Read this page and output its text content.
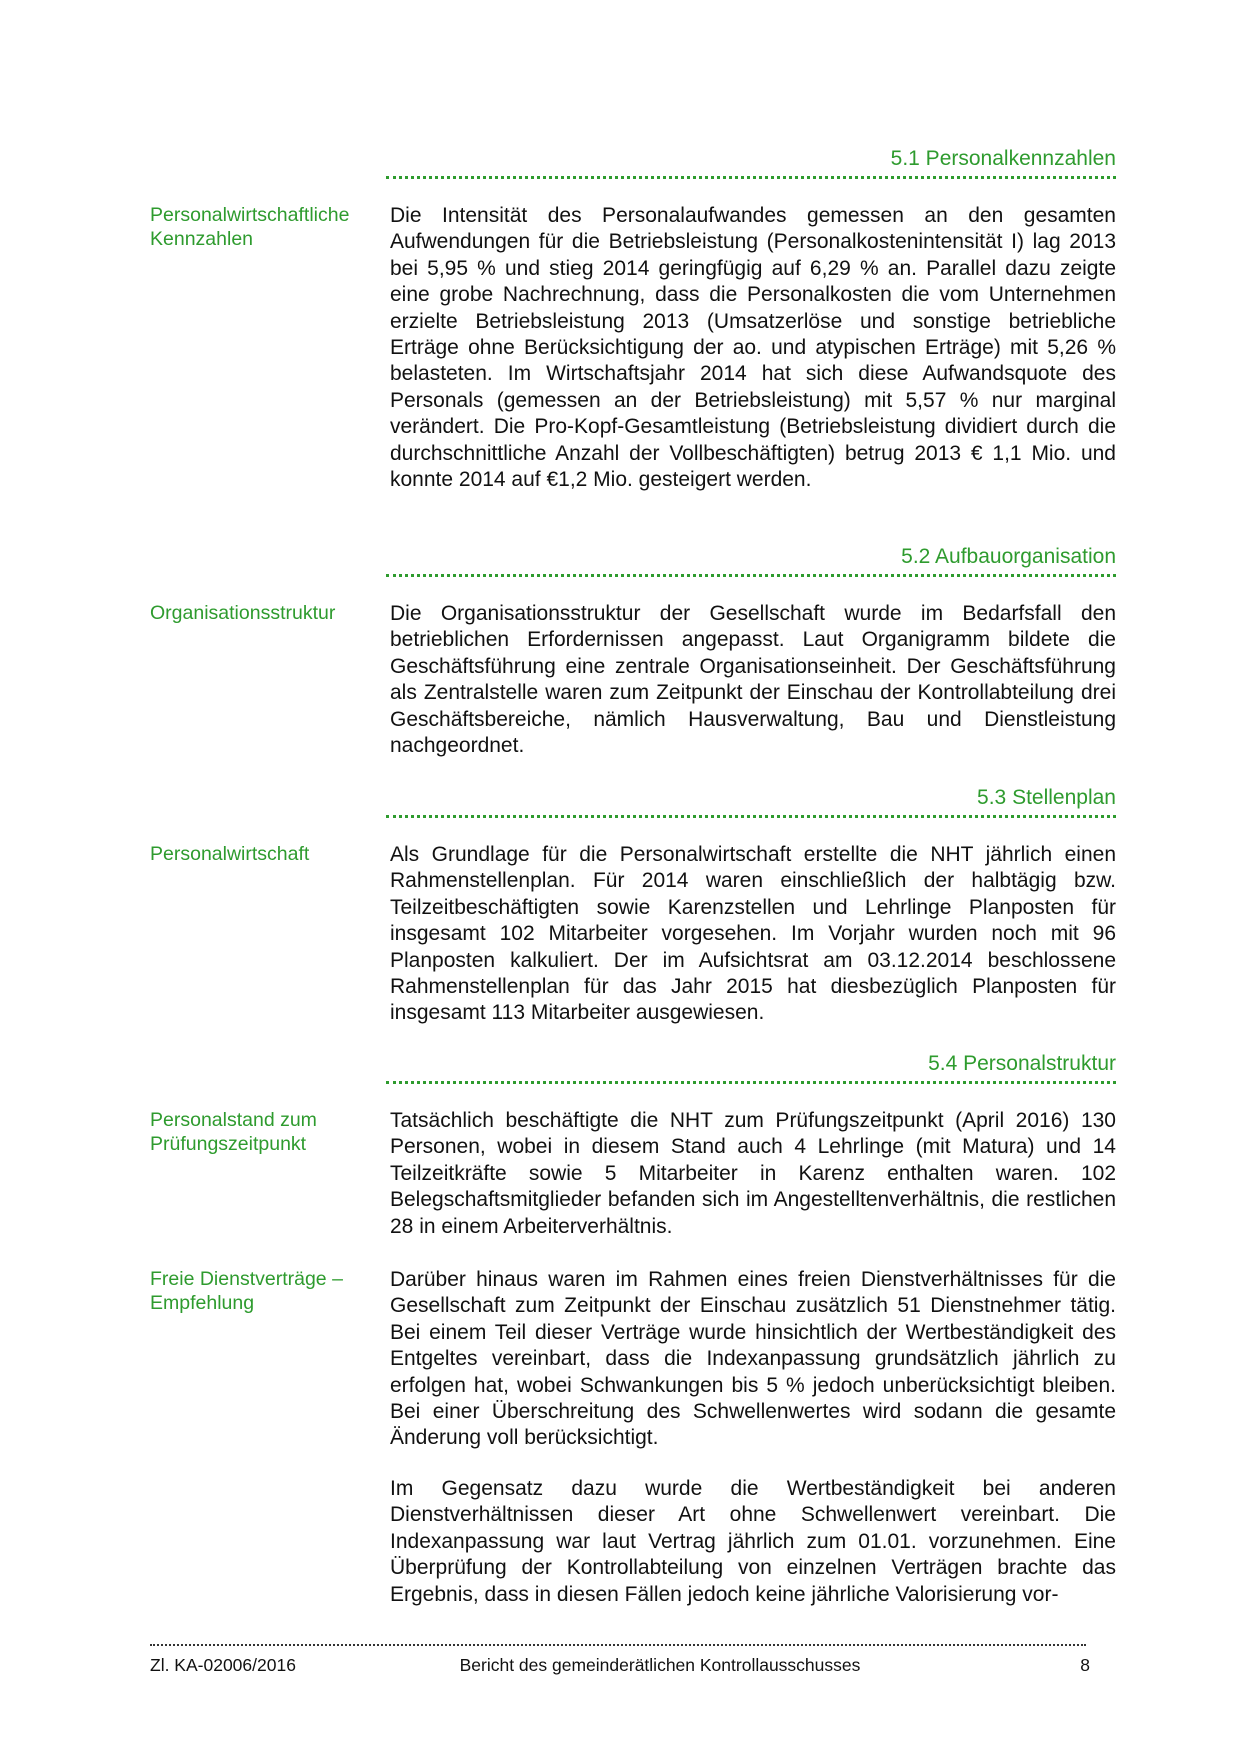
5.1 Personalkennzahlen
Personalwirtschaftliche Kennzahlen
Die Intensität des Personalaufwandes gemessen an den gesamten Aufwendungen für die Betriebsleistung (Personalkostenintensität I) lag 2013 bei 5,95 % und stieg 2014 geringfügig auf 6,29 % an. Parallel dazu zeigte eine grobe Nachrechnung, dass die Personalkosten die vom Unternehmen erzielte Betriebsleistung 2013 (Umsatzerlöse und sonstige betriebliche Erträge ohne Berücksichtigung der ao. und atypischen Erträge) mit 5,26 % belasteten. Im Wirtschaftsjahr 2014 hat sich diese Aufwandsquote des Personals (gemessen an der Betriebsleistung) mit 5,57 % nur marginal verändert. Die Pro-Kopf-Gesamtleistung (Betriebsleistung dividiert durch die durchschnittliche Anzahl der Vollbeschäftigten) betrug 2013 € 1,1 Mio. und konnte 2014 auf €1,2 Mio. gesteigert werden.
5.2 Aufbauorganisation
Organisationsstruktur	Die Organisationsstruktur der Gesellschaft wurde im Bedarfsfall den betrieblichen Erfordernissen angepasst. Laut Organigramm bildete die Geschäftsführung eine zentrale Organisationseinheit. Der Geschäftsführung als Zentralstelle waren zum Zeitpunkt der Einschau der Kontrollabteilung drei Geschäftsbereiche, nämlich Hausverwaltung, Bau und Dienstleistung nachgeordnet.
5.3 Stellenplan
Personalwirtschaft	Als Grundlage für die Personalwirtschaft erstellte die NHT jährlich einen Rahmenstellenplan. Für 2014 waren einschließlich der halbtägig bzw. Teilzeitbeschäftigten sowie Karenzstellen und Lehrlinge Planposten für insgesamt 102 Mitarbeiter vorgesehen. Im Vorjahr wurden noch mit 96 Planposten kalkuliert. Der im Aufsichtsrat am 03.12.2014 beschlossene Rahmenstellenplan für das Jahr 2015 hat diesbezüglich Planposten für insgesamt 113 Mitarbeiter ausgewiesen.
5.4 Personalstruktur
Personalstand zum Prüfungszeitpunkt
Tatsächlich beschäftigte die NHT zum Prüfungszeitpunkt (April 2016) 130 Personen, wobei in diesem Stand auch 4 Lehrlinge (mit Matura) und 14 Teilzeitkräfte sowie 5 Mitarbeiter in Karenz enthalten waren. 102 Belegschaftsmitglieder befanden sich im Angestelltenverhältnis, die restlichen 28 in einem Arbeiterverhältnis.
Freie Dienstverträge – Empfehlung
Darüber hinaus waren im Rahmen eines freien Dienstverhältnisses für die Gesellschaft zum Zeitpunkt der Einschau zusätzlich 51 Dienstnehmer tätig. Bei einem Teil dieser Verträge wurde hinsichtlich der Wertbeständigkeit des Entgeltes vereinbart, dass die Indexanpassung grundsätzlich jährlich zu erfolgen hat, wobei Schwankungen bis 5 % jedoch unberücksichtigt bleiben. Bei einer Überschreitung des Schwellenwertes wird sodann die gesamte Änderung voll berücksichtigt.
Im Gegensatz dazu wurde die Wertbeständigkeit bei anderen Dienstverhältnissen dieser Art ohne Schwellenwert vereinbart. Die Indexanpassung war laut Vertrag jährlich zum 01.01. vorzunehmen. Eine Überprüfung der Kontrollabteilung von einzelnen Verträgen brachte das Ergebnis, dass in diesen Fällen jedoch keine jährliche Valorisierung vor-
Zl. KA-02006/2016	Bericht des gemeinderätlichen Kontrollausschusses	8
